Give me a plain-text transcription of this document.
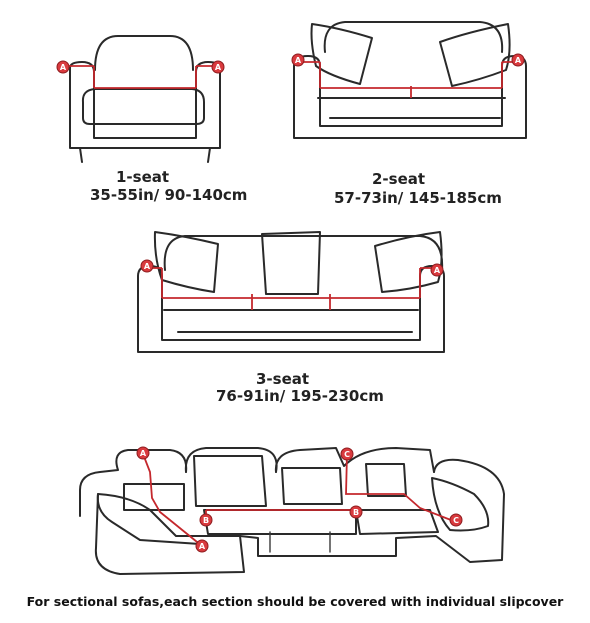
A	A
A	A
A	A
A
A
B
B
C
C
1-seat
35-55in/ 90-140cm
2-seat
57-73in/ 145-185cm
3-seat
76-91in/ 195-230cm
For sectional sofas,each section should be covered with individual slipcover
